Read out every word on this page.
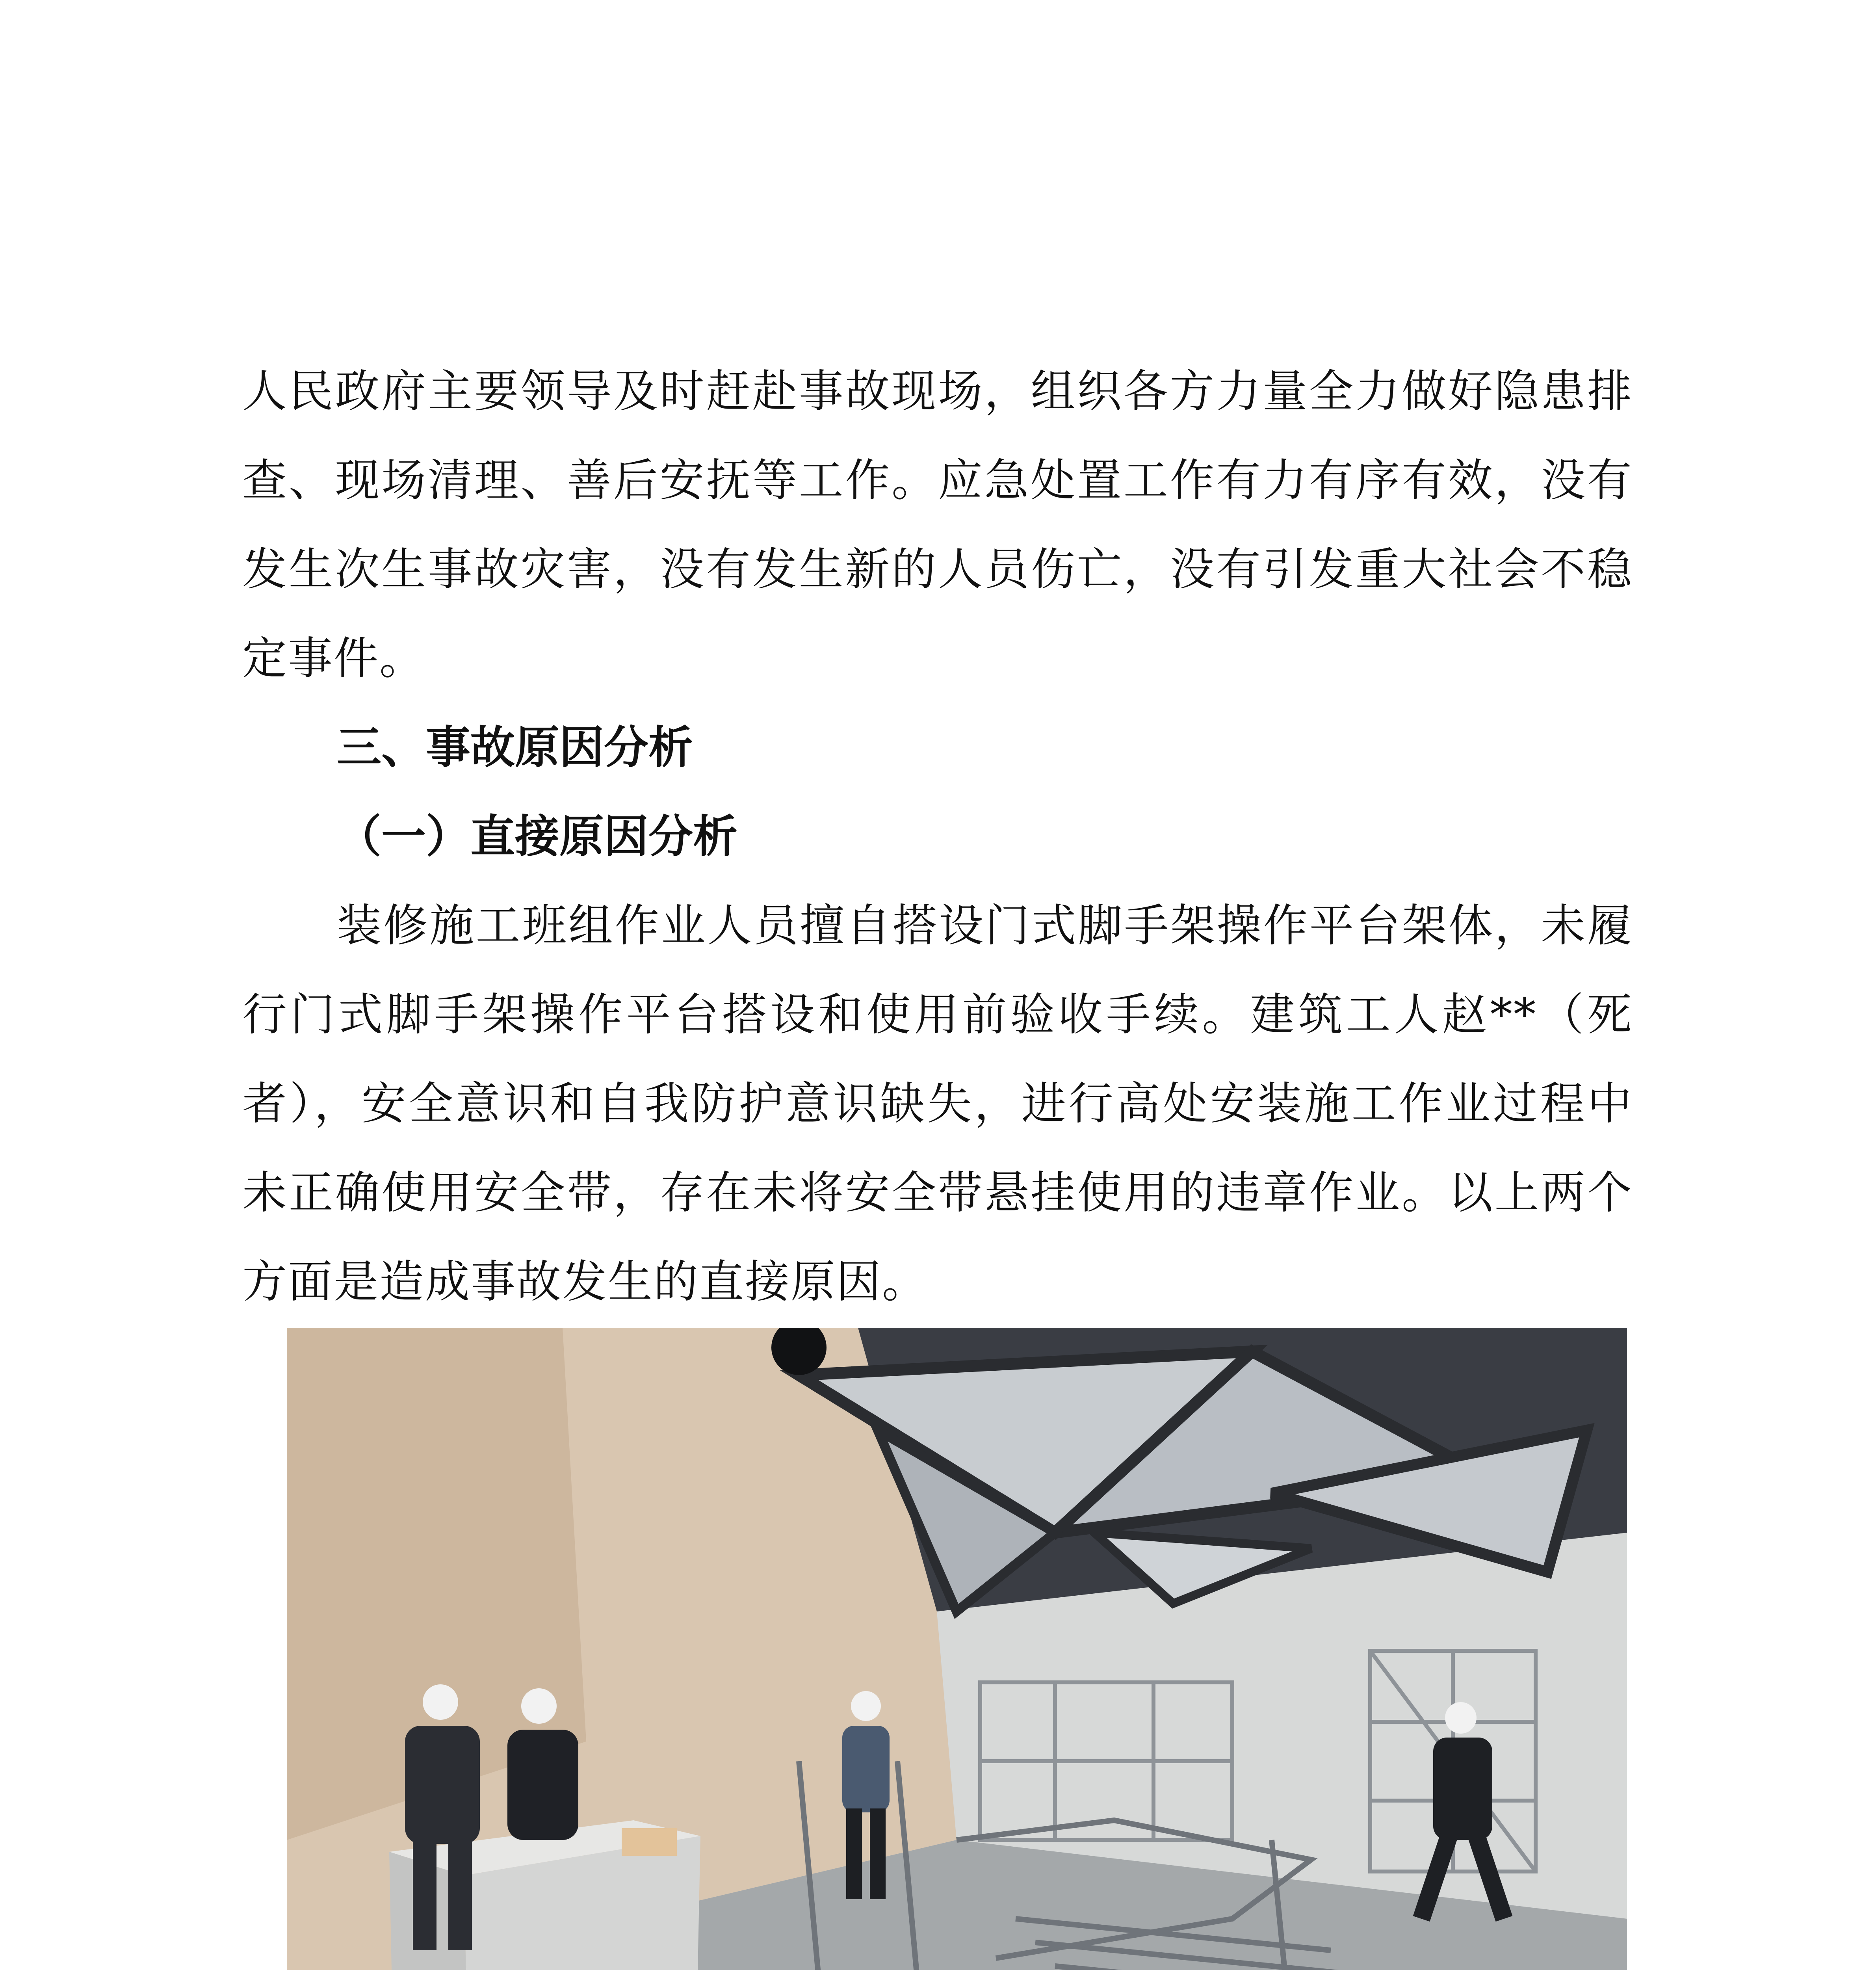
人民政府主要领导及时赶赴事故现场，组织各方力量全力做好隐患排查、现场清理、善后安抚等工作。应急处置工作有力有序有效，没有发生次生事故灾害，没有发生新的人员伤亡，没有引发重大社会不稳定事件。

三、事故原因分析

（一）直接原因分析

装修施工班组作业人员擅自搭设门式脚手架操作平台架体，未履行门式脚手架操作平台搭设和使用前验收手续。建筑工人赵**（死者），安全意识和自我防护意识缺失，进行高处安装施工作业过程中未正确使用安全带，存在未将安全带悬挂使用的违章作业。以上两个方面是造成事故发生的直接原因。
